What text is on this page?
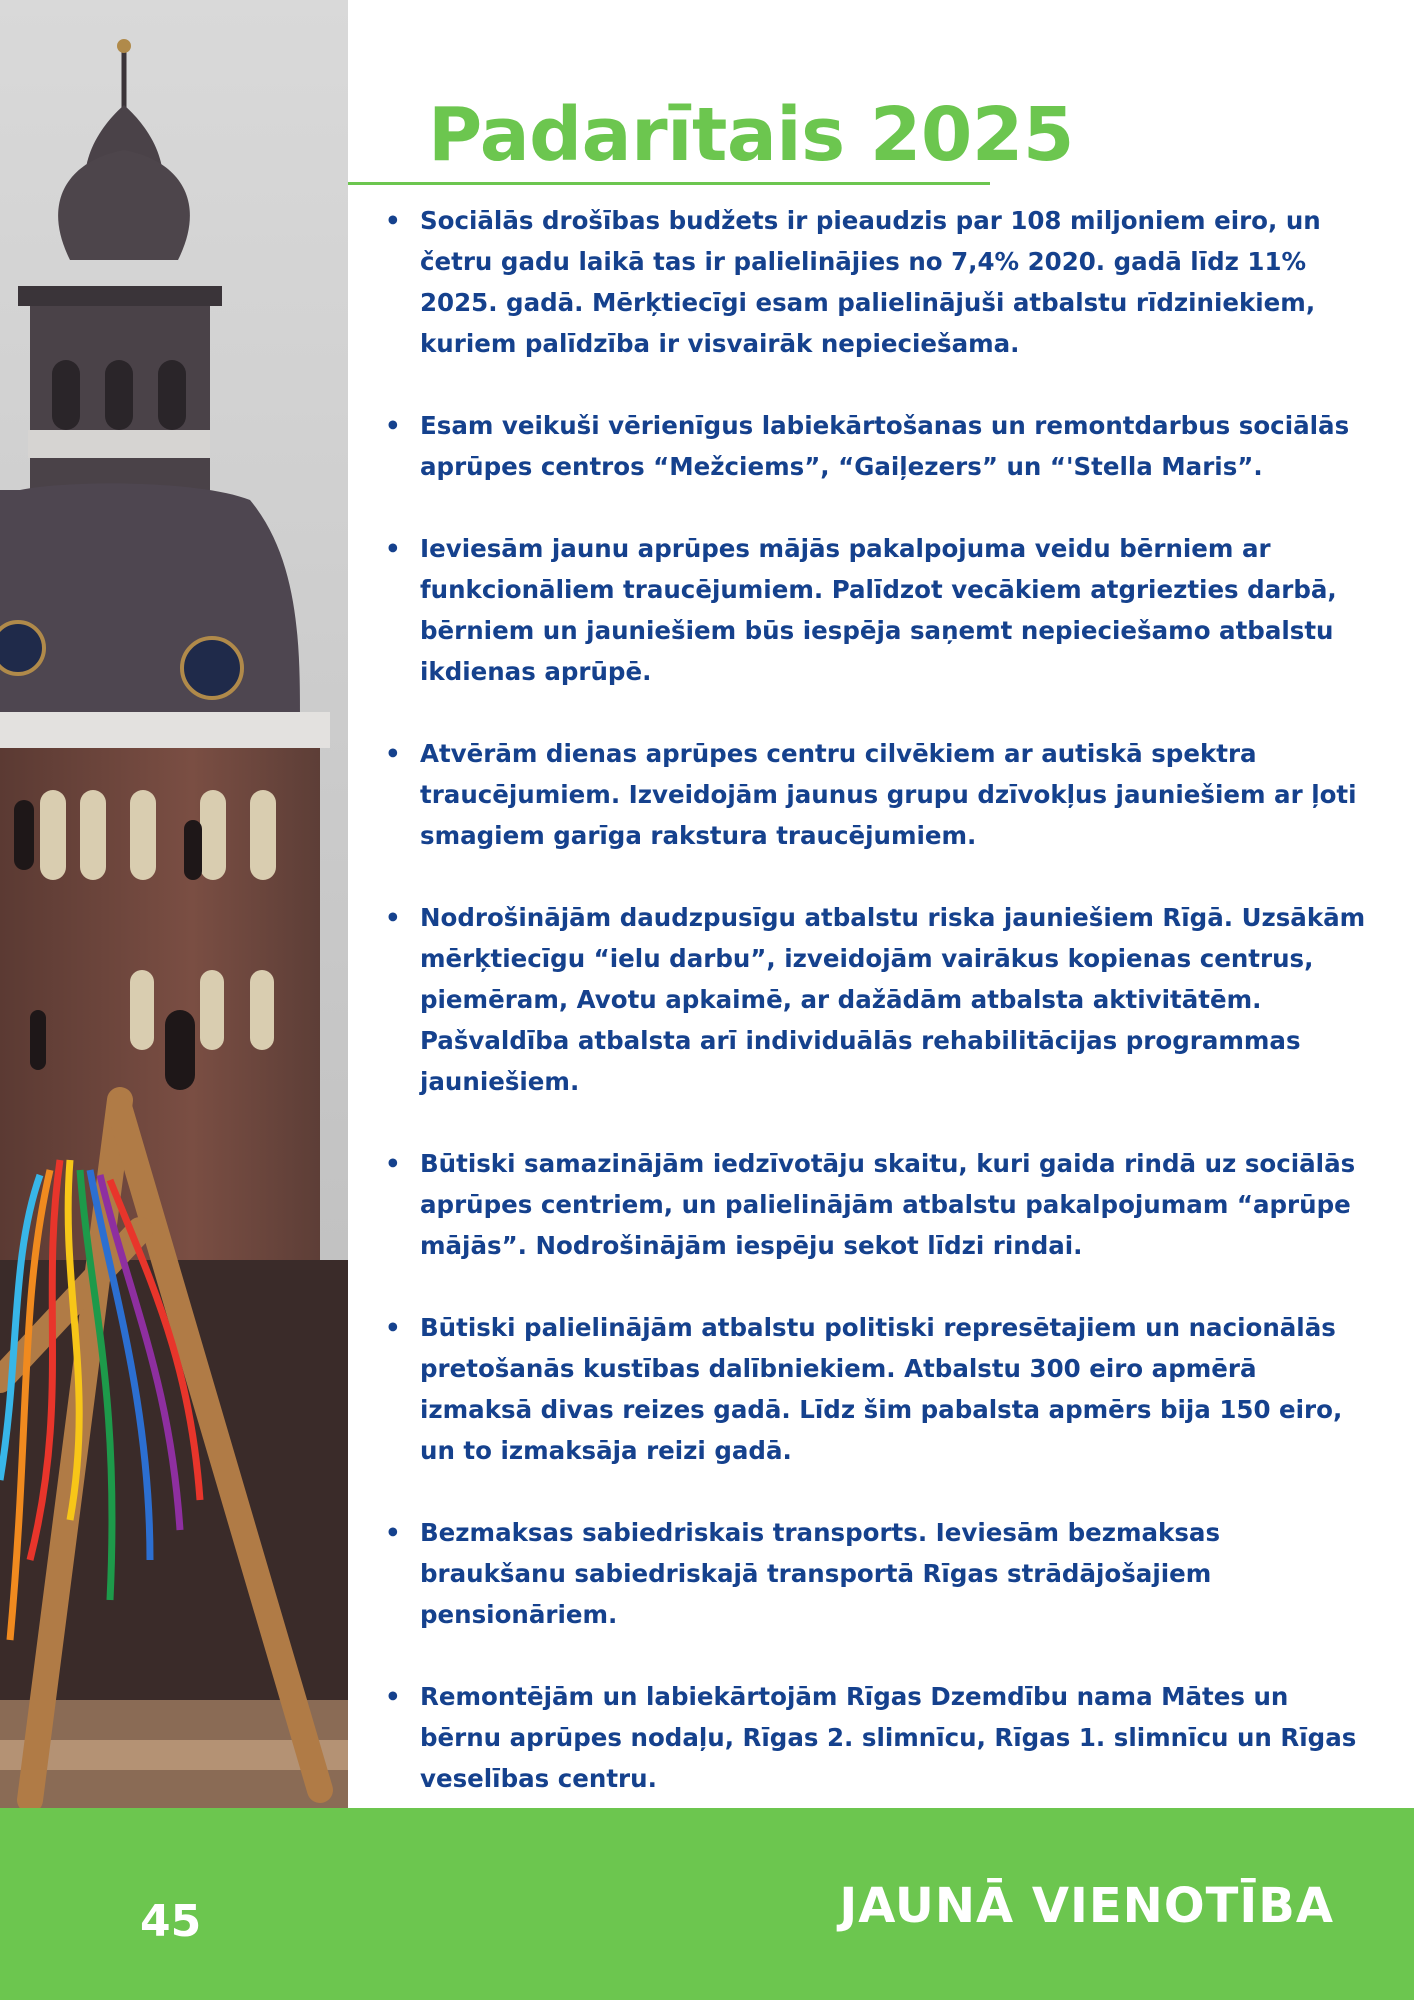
Padarītais 2025
• Sociālās drošības budžets ir pieaudzis par 108 miljoniem eiro, un četru gadu laikā tas ir palielinājies no 7,4% 2020. gadā līdz 11% 2025. gadā. Mērķtiecīgi esam palielinājuši atbalstu rīdziniekiem, kuriem palīdzība ir visvairāk nepieciešama.
• Esam veikuši vērienīgus labiekārtošanas un remontdarbus sociālās aprūpes centros “Mežciems”, “Gaiļezers” un “'Stella Maris”.
• Ieviesām jaunu aprūpes mājās pakalpojuma veidu bērniem ar funkcionāliem traucējumiem. Palīdzot vecākiem atgriezties darbā, bērniem un jauniešiem būs iespēja saņemt nepieciešamo atbalstu ikdienas aprūpē.
• Atvērām dienas aprūpes centru cilvēkiem ar autiskā spektra traucējumiem. Izveidojām jaunus grupu dzīvokļus jauniešiem ar ļoti smagiem garīga rakstura traucējumiem.
• Nodrošinājām daudzpusīgu atbalstu riska jauniešiem Rīgā. Uzsākām mērķtiecīgu “ielu darbu”, izveidojām vairākus kopienas centrus, piemēram, Avotu apkaimē, ar dažādām atbalsta aktivitātēm. Pašvaldība atbalsta arī individuālās rehabilitācijas programmas jauniešiem.
• Būtiski samazinājām iedzīvotāju skaitu, kuri gaida rindā uz sociālās aprūpes centriem, un palielinājām atbalstu pakalpojumam “aprūpe mājās”. Nodrošinājām iespēju sekot līdzi rindai.
• Būtiski palielinājām atbalstu politiski represētajiem un nacionālās pretošanās kustības dalībniekiem. Atbalstu 300 eiro apmērā izmaksā divas reizes gadā. Līdz šim pabalsta apmērs bija 150 eiro, un to izmaksāja reizi gadā.
• Bezmaksas sabiedriskais transports. Ieviesām bezmaksas braukšanu sabiedriskajā transportā Rīgas strādājošajiem pensionāriem.
• Remontējām un labiekārtojām Rīgas Dzemdību nama Mātes un bērnu aprūpes nodaļu, Rīgas 2. slimnīcu, Rīgas 1. slimnīcu un Rīgas veselības centru.
45	JAUNĀ VIENOTĪBA
